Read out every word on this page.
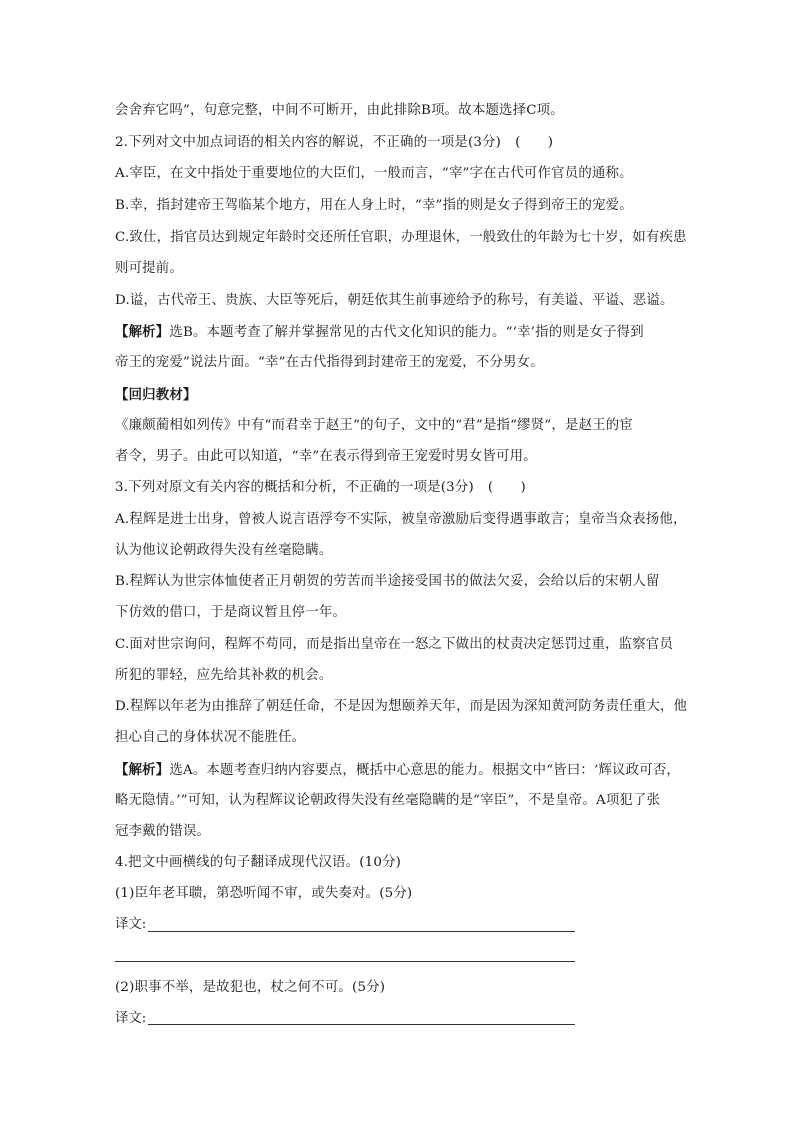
会舍弃它吗”，句意完整，中间不可断开，由此排除B项。故本题选择C项。
2.下列对文中加点词语的相关内容的解说，不正确的一项是(3分) (　　)
A.宰臣，在文中指处于重要地位的大臣们，一般而言，“宰”字在古代可作官员的通称。
B.幸，指封建帝王驾临某个地方，用在人身上时，“幸”指的则是女子得到帝王的宠爱。
C.致仕，指官员达到规定年龄时交还所任官职，办理退休，一般致仕的年龄为七十岁，如有疾患
则可提前。
D.谥，古代帝王、贵族、大臣等死后，朝廷依其生前事迹给予的称号，有美谥、平谥、恶谥。
【解析】选B。本题考查了解并掌握常见的古代文化知识的能力。“‘幸’指的则是女子得到
帝王的宠爱”说法片面。“幸”在古代指得到封建帝王的宠爱，不分男女。
【回归教材】
《廉颇蔺相如列传》中有“而君幸于赵王”的句子，文中的“君”是指“缪贤”，是赵王的宦
者令，男子。由此可以知道，“幸”在表示得到帝王宠爱时男女皆可用。
3.下列对原文有关内容的概括和分析，不正确的一项是(3分) (　　)
A.程辉是进士出身，曾被人说言语浮夸不实际，被皇帝激励后变得遇事敢言；皇帝当众表扬他，
认为他议论朝政得失没有丝毫隐瞒。
B.程辉认为世宗体恤使者正月朝贺的劳苦而半途接受国书的做法欠妥，会给以后的宋朝人留
下仿效的借口，于是商议暂且停一年。
C.面对世宗询问，程辉不苟同，而是指出皇帝在一怒之下做出的杖责决定惩罚过重，监察官员
所犯的罪轻，应先给其补救的机会。
D.程辉以年老为由推辞了朝廷任命，不是因为想颐养天年，而是因为深知黄河防务责任重大，他
担心自己的身体状况不能胜任。
【解析】选A。本题考查归纳内容要点，概括中心意思的能力。根据文中“皆曰：‘辉议政可否，
略无隐情。’”可知，认为程辉议论朝政得失没有丝毫隐瞒的是“宰臣”，不是皇帝。A项犯了张
冠李戴的错误。
4.把文中画横线的句子翻译成现代汉语。(10分)
(1)臣年老耳聩，第恐听闻不审，或失奏对。(5分)
译文:
(2)职事不举，是故犯也，杖之何不可。(5分)
译文:
